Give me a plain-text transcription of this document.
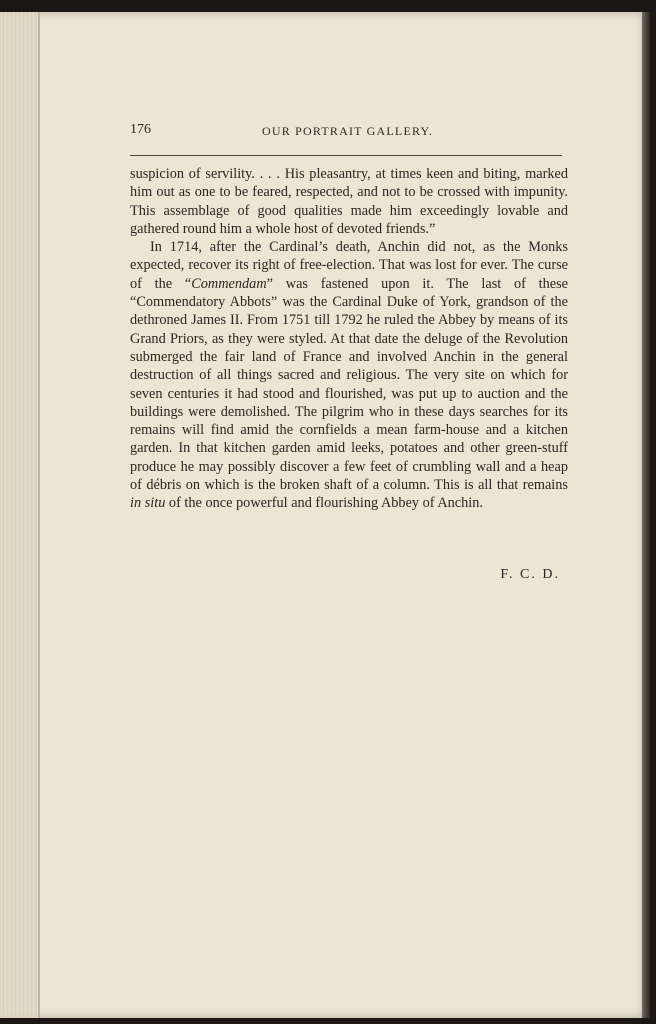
176	OUR PORTRAIT GALLERY.

suspicion of servility. . . . His pleasantry, at times keen and biting, marked him out as one to be feared, respected, and not to be crossed with impunity. This assemblage of good qualities made him exceedingly lovable and gathered round him a whole host of devoted friends.”

In 1714, after the Cardinal’s death, Anchin did not, as the Monks expected, recover its right of free-election. That was lost for ever. The curse of the “Commendam” was fastened upon it. The last of these “Commendatory Abbots” was the Cardinal Duke of York, grandson of the dethroned James II. From 1751 till 1792 he ruled the Abbey by means of its Grand Priors, as they were styled. At that date the deluge of the Revolution submerged the fair land of France and involved Anchin in the general destruction of all things sacred and religious. The very site on which for seven centuries it had stood and flourished, was put up to auction and the buildings were demolished. The pilgrim who in these days searches for its remains will find amid the cornfields a mean farm-house and a kitchen garden. In that kitchen garden amid leeks, potatoes and other green-stuff produce he may possibly discover a few feet of crumbling wall and a heap of débris on which is the broken shaft of a column. This is all that remains in situ of the once powerful and flourishing Abbey of Anchin.

F. C. D.
